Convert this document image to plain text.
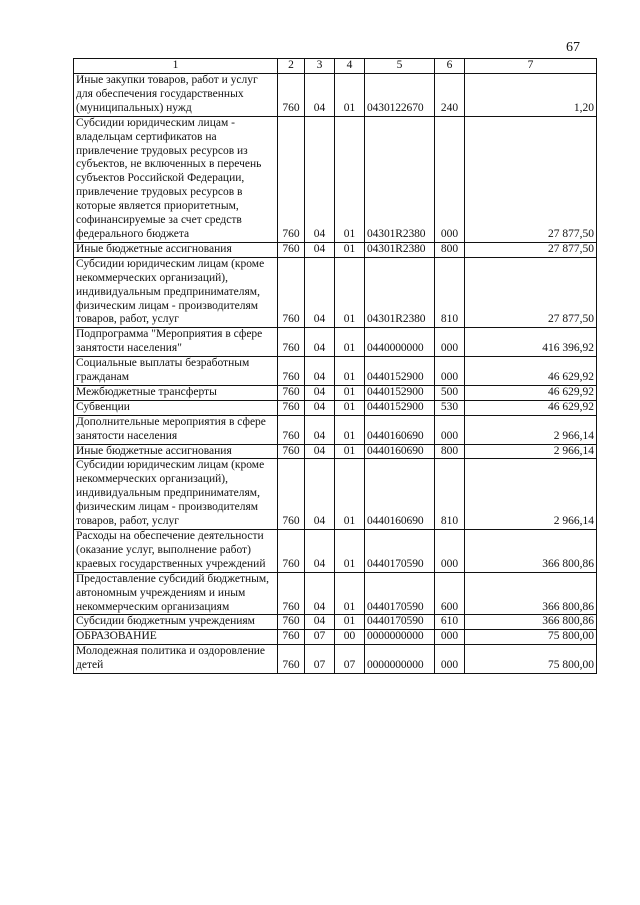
67
1	2	3	4	5	6	7
Иные закупки товаров, работ и услуг для обеспечения государственных (муниципальных) нужд	760	04	01	0430122670	240	1,20
Субсидии юридическим лицам - владельцам сертификатов на привлечение трудовых ресурсов из субъектов, не включенных в перечень субъектов Российской Федерации, привлечение трудовых ресурсов в которые является приоритетным, софинансируемые за счет средств федерального бюджета	760	04	01	04301R2380	000	27 877,50
Иные бюджетные ассигнования	760	04	01	04301R2380	800	27 877,50
Субсидии юридическим лицам (кроме некоммерческих организаций), индивидуальным предпринимателям, физическим лицам - производителям товаров, работ, услуг	760	04	01	04301R2380	810	27 877,50
Подпрограмма "Мероприятия в сфере занятости населения"	760	04	01	0440000000	000	416 396,92
Социальные выплаты безработным гражданам	760	04	01	0440152900	000	46 629,92
Межбюджетные трансферты	760	04	01	0440152900	500	46 629,92
Субвенции	760	04	01	0440152900	530	46 629,92
Дополнительные мероприятия в сфере занятости населения	760	04	01	0440160690	000	2 966,14
Иные бюджетные ассигнования	760	04	01	0440160690	800	2 966,14
Субсидии юридическим лицам (кроме некоммерческих организаций), индивидуальным предпринимателям, физическим лицам - производителям товаров, работ, услуг	760	04	01	0440160690	810	2 966,14
Расходы на обеспечение деятельности (оказание услуг, выполнение работ) краевых государственных учреждений	760	04	01	0440170590	000	366 800,86
Предоставление субсидий бюджетным, автономным учреждениям и иным некоммерческим организациям	760	04	01	0440170590	600	366 800,86
Субсидии бюджетным учреждениям	760	04	01	0440170590	610	366 800,86
ОБРАЗОВАНИЕ	760	07	00	0000000000	000	75 800,00
Молодежная политика и оздоровление детей	760	07	07	0000000000	000	75 800,00
